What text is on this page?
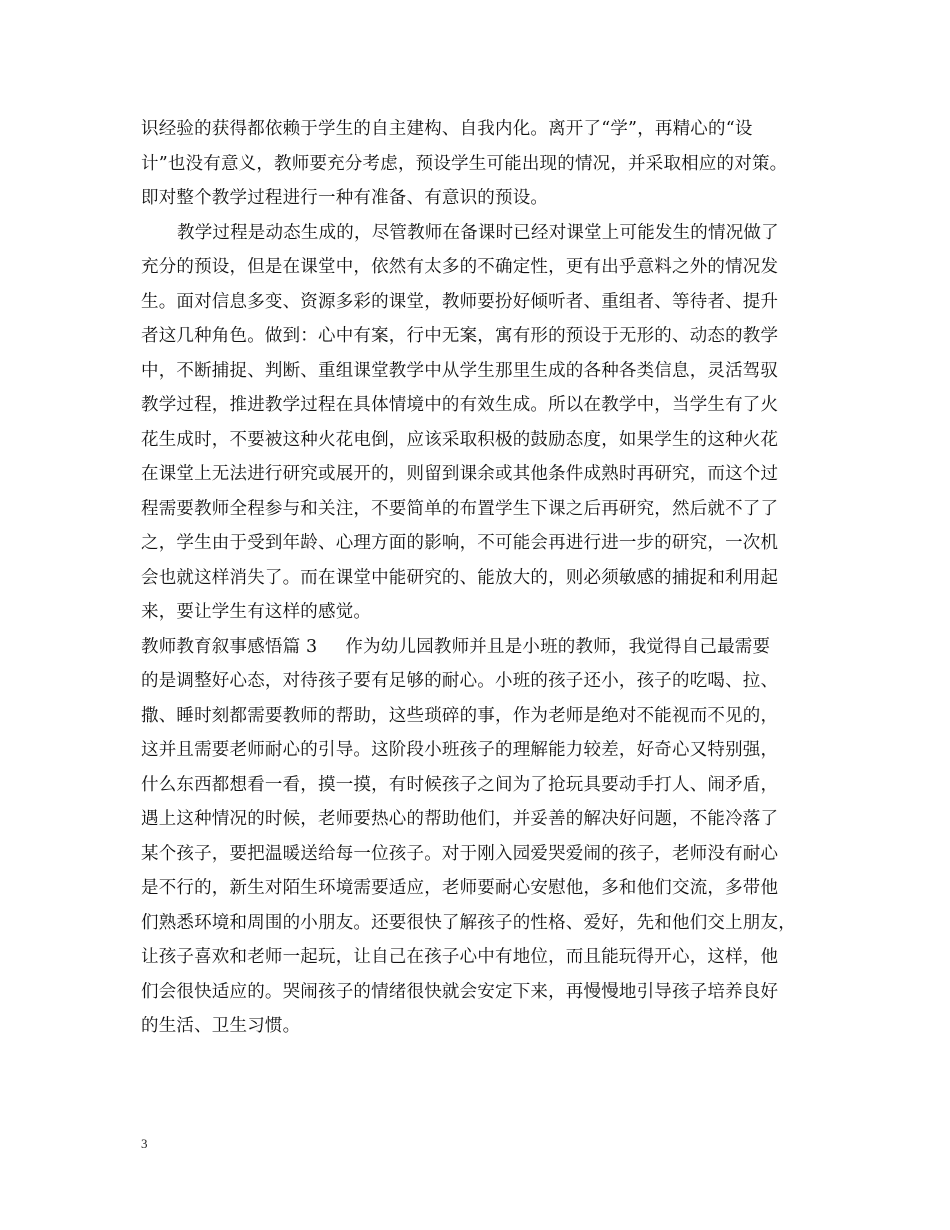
识经验的获得都依赖于学生的自主建构、自我内化。离开了“学”，再精心的“设
计”也没有意义，教师要充分考虑，预设学生可能出现的情况，并采取相应的对策。
即对整个教学过程进行一种有准备、有意识的预设。
教学过程是动态生成的，尽管教师在备课时已经对课堂上可能发生的情况做了
充分的预设，但是在课堂中，依然有太多的不确定性，更有出乎意料之外的情况发
生。面对信息多变、资源多彩的课堂，教师要扮好倾听者、重组者、等待者、提升
者这几种角色。做到：心中有案，行中无案，寓有形的预设于无形的、动态的教学
中，不断捕捉、判断、重组课堂教学中从学生那里生成的各种各类信息，灵活驾驭
教学过程，推进教学过程在具体情境中的有效生成。所以在教学中，当学生有了火
花生成时，不要被这种火花电倒，应该采取积极的鼓励态度，如果学生的这种火花
在课堂上无法进行研究或展开的，则留到课余或其他条件成熟时再研究，而这个过
程需要教师全程参与和关注，不要简单的布置学生下课之后再研究，然后就不了了
之，学生由于受到年龄、心理方面的影响，不可能会再进行进一步的研究，一次机
会也就这样消失了。而在课堂中能研究的、能放大的，则必须敏感的捕捉和利用起
来，要让学生有这样的感觉。
教师教育叙事感悟篇 3 作为幼儿园教师并且是小班的教师，我觉得自己最需要
的是调整好心态，对待孩子要有足够的耐心。小班的孩子还小，孩子的吃喝、拉、
撒、睡时刻都需要教师的帮助，这些琐碎的事，作为老师是绝对不能视而不见的，
这并且需要老师耐心的引导。这阶段小班孩子的理解能力较差，好奇心又特别强，
什么东西都想看一看，摸一摸，有时候孩子之间为了抢玩具要动手打人、闹矛盾，
遇上这种情况的时候，老师要热心的帮助他们，并妥善的解决好问题，不能冷落了
某个孩子，要把温暖送给每一位孩子。对于刚入园爱哭爱闹的孩子，老师没有耐心
是不行的，新生对陌生环境需要适应，老师要耐心安慰他，多和他们交流，多带他
们熟悉环境和周围的小朋友。还要很快了解孩子的性格、爱好，先和他们交上朋友，
让孩子喜欢和老师一起玩，让自己在孩子心中有地位，而且能玩得开心，这样，他
们会很快适应的。哭闹孩子的情绪很快就会安定下来，再慢慢地引导孩子培养良好
的生活、卫生习惯。
3
